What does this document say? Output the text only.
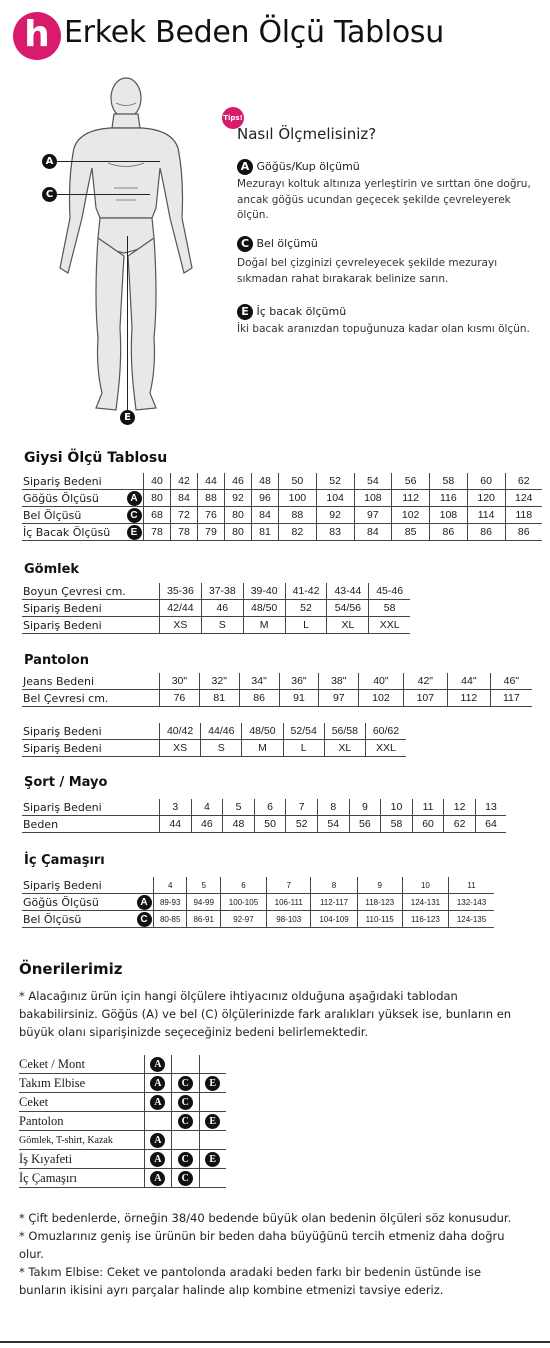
h Erkek Beden Ölçü Tablosu
A
C
E
Tips!
Nasıl Ölçmelisiniz?
A Göğüs/Kup ölçümü
Mezurayı koltuk altınıza yerleştirin ve sırttan öne doğru, ancak göğüs ucundan geçecek şekilde çevreleyerek ölçün.
C Bel ölçümü
Doğal bel çizginizi çevreleyecek şekilde mezurayı sıkmadan rahat bırakarak belinize sarın.
E İç bacak ölçümü
İki bacak aranızdan topuğunuza kadar olan kısmı ölçün.
Giysi Ölçü Tablosu
Sipariş Bedeni		40	42	44	46	48	50	52	54	56	58	60	62
Göğüs Ölçüsü	A	80	84	88	92	96	100	104	108	112	116	120	124
Bel Ölçüsü	C	68	72	76	80	84	88	92	97	102	108	114	118
İç Bacak Ölçüsü	E	78	78	79	80	81	82	83	84	85	86	86	86
Gömlek
Boyun Çevresi cm.	35-36	37-38	39-40	41-42	43-44	45-46
Sipariş Bedeni	42/44	46	48/50	52	54/56	58
Sipariş Bedeni	XS	S	M	L	XL	XXL
Pantolon
Jeans Bedeni	30"	32"	34"	36"	38"	40"	42"	44"	46"
Bel Çevresi cm.	76	81	86	91	97	102	107	112	117
Sipariş Bedeni	40/42	44/46	48/50	52/54	56/58	60/62
Sipariş Bedeni	XS	S	M	L	XL	XXL
Şort / Mayo
Sipariş Bedeni	3	4	5	6	7	8	9	10	11	12	13
Beden	44	46	48	50	52	54	56	58	60	62	64
İç Çamaşırı
Sipariş Bedeni		4	5	6	7	8	9	10	11
Göğüs Ölçüsü	A	89-93	94-99	100-105	106-111	112-117	118-123	124-131	132-143
Bel Ölçüsü	C	80-85	86-91	92-97	98-103	104-109	110-115	116-123	124-135
Önerilerimiz
* Alacağınız ürün için hangi ölçülere ihtiyacınız olduğuna aşağıdaki tablodan bakabilirsiniz. Göğüs (A) ve bel (C) ölçülerinizde fark aralıkları yüksek ise, bunların en büyük olanı siparişinizde seçeceğiniz bedeni belirlemektedir.
Ceket / Mont	A		
Takım Elbise	A	C	E
Ceket	A	C	
Pantolon		C	E
Gömlek, T-shirt, Kazak	A		
İş Kıyafeti	A	C	E
İç Çamaşırı	A	C	
* Çift bedenlerde, örneğin 38/40 bedende büyük olan bedenin ölçüleri söz konusudur.
* Omuzlarınız geniş ise ürünün bir beden daha büyüğünü tercih etmeniz daha doğru olur.
* Takım Elbise: Ceket ve pantolonda aradaki beden farkı bir bedenin üstünde ise bunların ikisini ayrı parçalar halinde alıp kombine etmenizi tavsiye ederiz.
